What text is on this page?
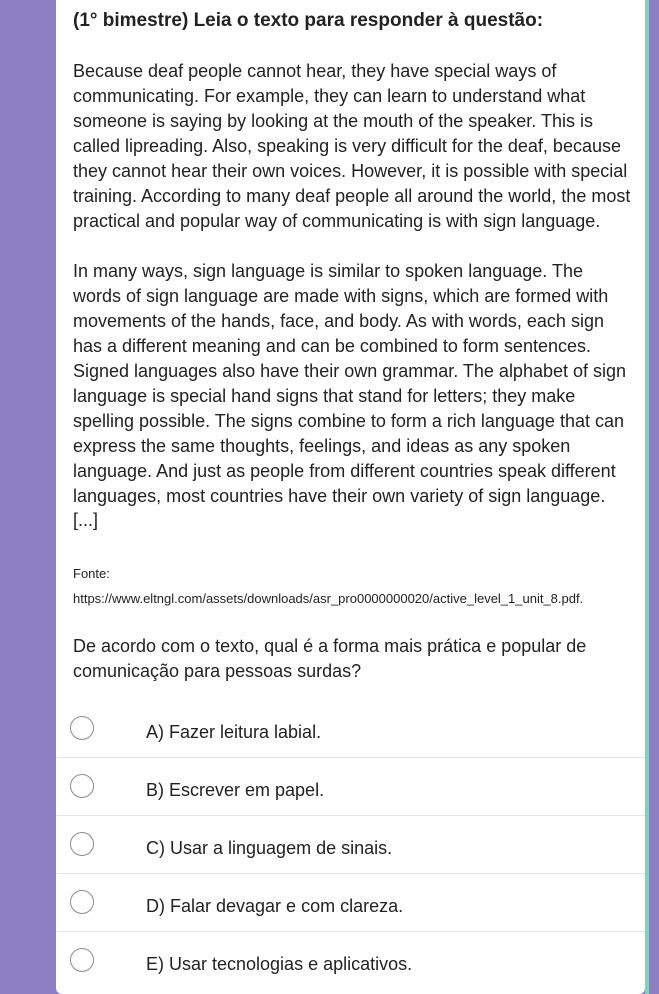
(1° bimestre) Leia o texto para responder à questão:
Because deaf people cannot hear, they have special ways of communicating. For example, they can learn to understand what someone is saying by looking at the mouth of the speaker. This is called lipreading. Also, speaking is very difficult for the deaf, because they cannot hear their own voices. However, it is possible with special training. According to many deaf people all around the world, the most practical and popular way of communicating is with sign language.
In many ways, sign language is similar to spoken language. The words of sign language are made with signs, which are formed with movements of the hands, face, and body. As with words, each sign has a different meaning and can be combined to form sentences. Signed languages also have their own grammar. The alphabet of sign language is special hand signs that stand for letters; they make spelling possible. The signs combine to form a rich language that can express the same thoughts, feelings, and ideas as any spoken language. And just as people from different countries speak different languages, most countries have their own variety of sign language.
[...]
Fonte:
https://www.eltngl.com/assets/downloads/asr_pro0000000020/active_level_1_unit_8.pdf.
De acordo com o texto, qual é a forma mais prática e popular de comunicação para pessoas surdas?
A) Fazer leitura labial.
B) Escrever em papel.
C) Usar a linguagem de sinais.
D) Falar devagar e com clareza.
E) Usar tecnologias e aplicativos.
